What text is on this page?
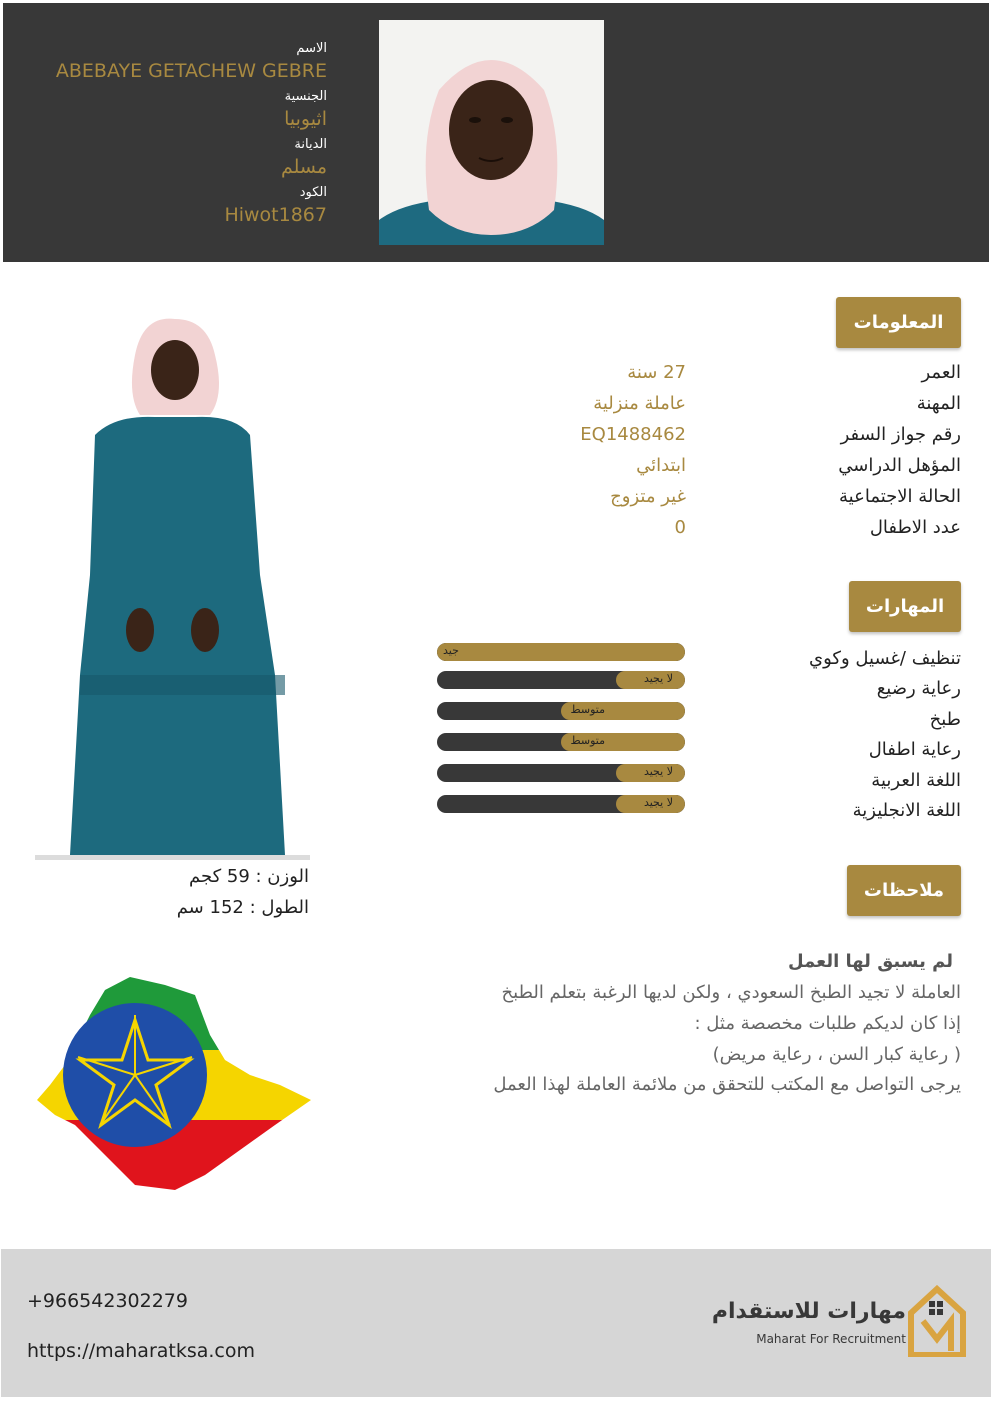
الاسم
ABEBAYE GETACHEW GEBRE
الجنسية
اثيوبيا
الديانة
مسلم
الكود
Hiwot1867
الوزن : 59 كجم
الطول : 152 سم
المعلومات
العمر
27 سنة
المهنة
عاملة منزلية
رقم جواز السفر
EQ1488462
المؤهل الدراسي
ابتدائي
الحالة الاجتماعية
غير متزوج
عدد الاطفال
0
المهارات
تنظيف /غسيل وكوي
رعاية رضيع
طبخ
رعاية اطفال
اللغة العربية
اللغة الانجليزية
جيد
لا يجيد
متوسط
متوسط
لا يجيد
لا يجيد
ملاحظات
لم يسبق لها العمل
العاملة لا تجيد الطبخ السعودي ، ولكن لديها الرغبة بتعلم الطبخ
إذا كان لديكم طلبات مخصصة مثل :
( رعاية كبار السن ، رعاية مريض)
يرجى التواصل مع المكتب للتحقق من ملائمة العاملة لهذا العمل
+966542302279
https://maharatksa.com
مهارات للاستقدام
Maharat For Recruitment
